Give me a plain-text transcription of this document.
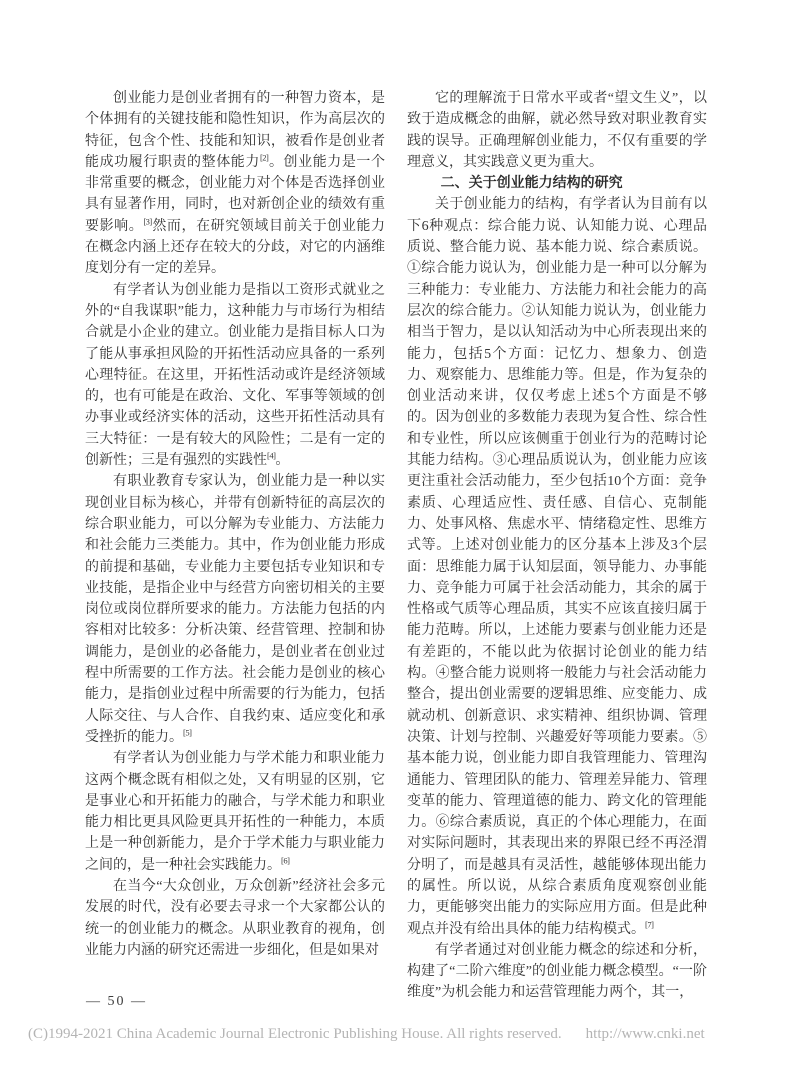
创业能力是创业者拥有的一种智力资本，是个体拥有的关键技能和隐性知识，作为高层次的特征，包含个性、技能和知识，被看作是创业者能成功履行职责的整体能力[2]。创业能力是一个非常重要的概念，创业能力对个体是否选择创业具有显著作用，同时，也对新创企业的绩效有重要影响。[3]然而，在研究领域目前关于创业能力在概念内涵上还存在较大的分歧，对它的内涵维度划分有一定的差异。

有学者认为创业能力是指以工资形式就业之外的“自我谋职”能力，这种能力与市场行为相结合就是小企业的建立。创业能力是指目标人口为了能从事承担风险的开拓性活动应具备的一系列心理特征。在这里，开拓性活动或许是经济领域的，也有可能是在政治、文化、军事等领域的创办事业或经济实体的活动，这些开拓性活动具有三大特征：一是有较大的风险性；二是有一定的创新性；三是有强烈的实践性[4]。

有职业教育专家认为，创业能力是一种以实现创业目标为核心，并带有创新特征的高层次的综合职业能力，可以分解为专业能力、方法能力和社会能力三类能力。其中，作为创业能力形成的前提和基础，专业能力主要包括专业知识和专业技能，是指企业中与经营方向密切相关的主要岗位或岗位群所要求的能力。方法能力包括的内容相对比较多：分析决策、经营管理、控制和协调能力，是创业的必备能力，是创业者在创业过程中所需要的工作方法。社会能力是创业的核心能力，是指创业过程中所需要的行为能力，包括人际交往、与人合作、自我约束、适应变化和承受挫折的能力。[5]

有学者认为创业能力与学术能力和职业能力这两个概念既有相似之处，又有明显的区别，它是事业心和开拓能力的融合，与学术能力和职业能力相比更具风险更具开拓性的一种能力，本质上是一种创新能力，是介于学术能力与职业能力之间的，是一种社会实践能力。[6]

在当今“大众创业，万众创新”经济社会多元发展的时代，没有必要去寻求一个大家都公认的统一的创业能力的概念。从职业教育的视角，创业能力内涵的研究还需进一步细化，但是如果对

它的理解流于日常水平或者“望文生义”，以致于造成概念的曲解，就必然导致对职业教育实践的误导。正确理解创业能力，不仅有重要的学理意义，其实践意义更为重大。

二、关于创业能力结构的研究

关于创业能力的结构，有学者认为目前有以下6种观点：综合能力说、认知能力说、心理品质说、整合能力说、基本能力说、综合素质说。①综合能力说认为，创业能力是一种可以分解为三种能力：专业能力、方法能力和社会能力的高层次的综合能力。②认知能力说认为，创业能力相当于智力，是以认知活动为中心所表现出来的能力，包括5个方面：记忆力、想象力、创造力、观察能力、思维能力等。但是，作为复杂的创业活动来讲，仅仅考虑上述5个方面是不够的。因为创业的多数能力表现为复合性、综合性和专业性，所以应该侧重于创业行为的范畴讨论其能力结构。③心理品质说认为，创业能力应该更注重社会活动能力，至少包括10个方面：竞争素质、心理适应性、责任感、自信心、克制能力、处事风格、焦虑水平、情绪稳定性、思维方式等。上述对创业能力的区分基本上涉及3个层面：思维能力属于认知层面，领导能力、办事能力、竞争能力可属于社会活动能力，其余的属于性格或气质等心理品质，其实不应该直接归属于能力范畴。所以，上述能力要素与创业能力还是有差距的，不能以此为依据讨论创业的能力结构。④整合能力说则将一般能力与社会活动能力整合，提出创业需要的逻辑思维、应变能力、成就动机、创新意识、求实精神、组织协调、管理决策、计划与控制、兴趣爱好等项能力要素。⑤基本能力说，创业能力即自我管理能力、管理沟通能力、管理团队的能力、管理差异能力、管理变革的能力、管理道德的能力、跨文化的管理能力。⑥综合素质说，真正的个体心理能力，在面对实际问题时，其表现出来的界限已经不再泾渭分明了，而是越具有灵活性，越能够体现出能力的属性。所以说，从综合素质角度观察创业能力，更能够突出能力的实际应用方面。但是此种观点并没有给出具体的能力结构模式。[7]

有学者通过对创业能力概念的综述和分析，构建了“二阶六维度”的创业能力概念模型。“一阶维度”为机会能力和运营管理能力两个，其一，

— 50 —
(C)1994-2021 China Academic Journal Electronic Publishing House. All rights reserved. http://www.cnki.net
